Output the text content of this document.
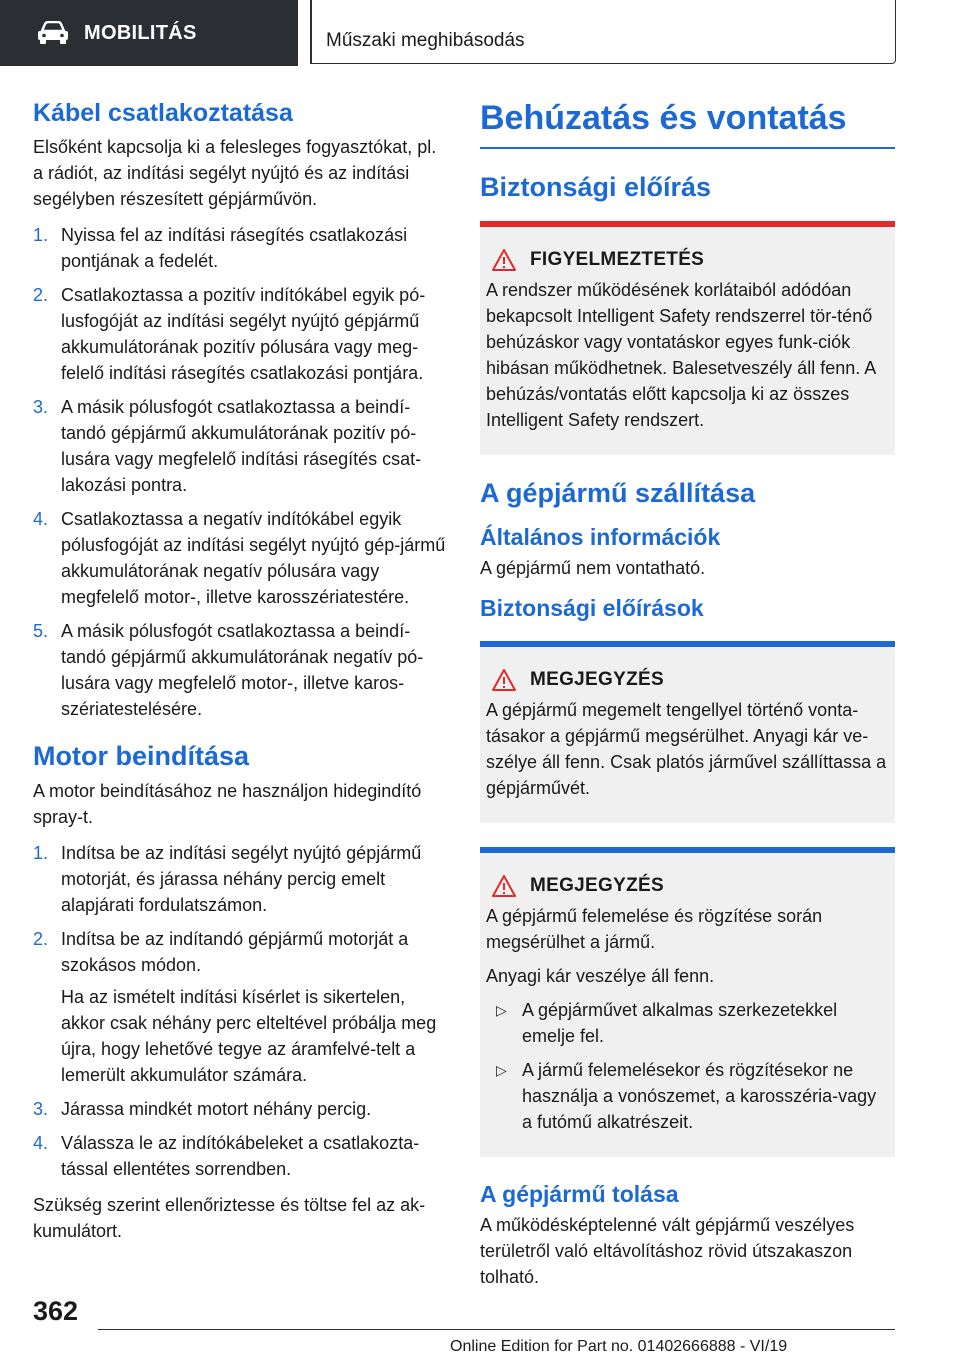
MOBILITÁS	Műszaki meghibásodás
Kábel csatlakoztatása

Elsőként kapcsolja ki a felesleges fogyasztókat, pl. a rádiót, az indítási segélyt nyújtó és az indítási segélyben részesített gépjárművön.

1. Nyissa fel az indítási rásegítés csatlakozási pontjának a fedelét.
2. Csatlakoztassa a pozitív indítókábel egyik pó-lusfogóját az indítási segélyt nyújtó gépjármű akkumulátorának pozitív pólusára vagy meg-felelő indítási rásegítés csatlakozási pontjára.
3. A másik pólusfogót csatlakoztassa a beindí-tandó gépjármű akkumulátorának pozitív pó-lusára vagy megfelelő indítási rásegítés csat-lakozási pontra.
4. Csatlakoztassa a negatív indítókábel egyik pólusfogóját az indítási segélyt nyújtó gép-jármű akkumulátorának negatív pólusára vagy megfelelő motor-, illetve karosszériatestére.
5. A másik pólusfogót csatlakoztassa a beindí-tandó gépjármű akkumulátorának negatív pó-lusára vagy megfelelő motor-, illetve karos-szériatestelésére.
Motor beindítása

A motor beindításához ne használjon hidegindító spray-t.

1. Indítsa be az indítási segélyt nyújtó gépjármű motorját, és járassa néhány percig emelt alapjárati fordulatszámon.
2. Indítsa be az indítandó gépjármű motorját a szokásos módon.
Ha az ismételt indítási kísérlet is sikertelen, akkor csak néhány perc elteltével próbálja meg újra, hogy lehetővé tegye az áramfelvé-telt a lemerült akkumulátor számára.
3. Járassa mindkét motort néhány percig.
4. Válassza le az indítókábeleket a csatlakozta-tással ellentétes sorrendben.

Szükség szerint ellenőriztesse és töltse fel az ak-kumulátort.

Behúzatás és vontatás
Biztonsági előírás
FIGYELMEZTETÉS

A rendszer működésének korlátaiból adódóan bekapcsolt Intelligent Safety rendszerrel tör-ténő behúzáskor vagy vontatáskor egyes funk-ciók hibásan működhetnek. Balesetveszély áll fenn. A behúzás/vontatás előtt kapcsolja ki az összes Intelligent Safety rendszert.

A gépjármű szállítása
Általános információk

A gépjármű nem vontatható.

Biztonsági előírások
MEGJEGYZÉS

A gépjármű megemelt tengellyel történő vonta-tásakor a gépjármű megsérülhet. Anyagi kár ve-szélye áll fenn. Csak platós járművel szállíttassa a gépjárművét.

MEGJEGYZÉS

A gépjármű felemelése és rögzítése során megsérülhet a jármű.

Anyagi kár veszélye áll fenn.

▷ A gépjárművet alkalmas szerkezetekkel emelje fel.
▷ A jármű felemelésekor és rögzítésekor ne használja a vonószemet, a karosszéria-vagy a futómű alkatrészeit.
A gépjármű tolása

A működésképtelenné vált gépjármű veszélyes területről való eltávolításhoz rövid útszakaszon tolható.

362
Online Edition for Part no. 01402666888 - VI/19
